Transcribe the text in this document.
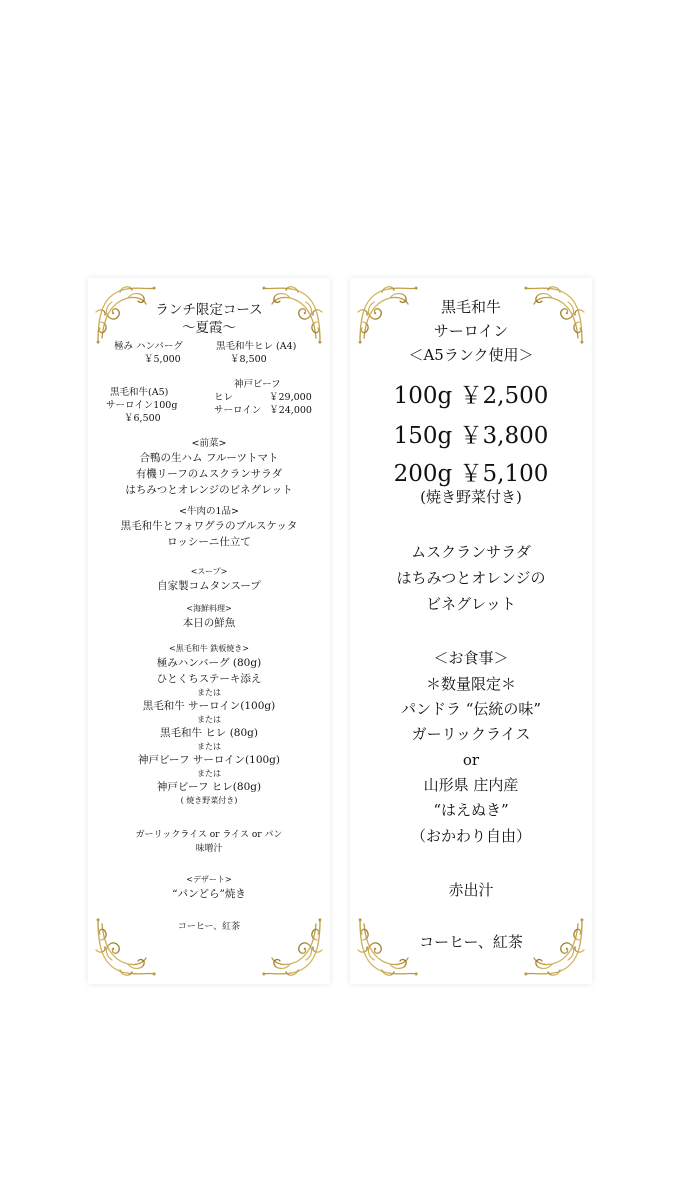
ランチ限定コース
〜夏霞〜
極み ハンバーグ
￥5,000
黒毛和牛ヒレ (A4)
￥8,500
黒毛和牛(A5)
サーロイン100g
￥6,500
神戸ビーフ
ヒレ	￥29,000
サーロイン ￥24,000
<前菜>
合鴨の生ハム フルーツトマト
有機リーフのムスクランサラダ
はちみつとオレンジのビネグレット
<牛肉の1品>
黒毛和牛とフォワグラのブルスケッタ
ロッシーニ仕立て
<スープ>
自家製コムタンスープ
<海鮮料理>
本日の鮮魚
<黒毛和牛 鉄板焼き>
極みハンバーグ (80g)
ひとくちステーキ添え
または
黒毛和牛 サーロイン(100g)
または
黒毛和牛 ヒレ (80g)
または
神戸ビーフ サーロイン(100g)
または
神戸ビーフ ヒレ(80g)
( 焼き野菜付き)
ガーリックライス or ライス or パン
味噌汁
<デザート>
“パンどら”焼き
コーヒー、紅茶
黒毛和牛
サーロイン
＜A5ランク使用＞
100g ￥2,500
150g ￥3,800
200g ￥5,100
(焼き野菜付き)
ムスクランサラダ
はちみつとオレンジの
ビネグレット
＜お食事＞
＊数量限定＊
パンドラ “伝統の味”
ガーリックライス
or
山形県 庄内産
“はえぬき”
（おかわり自由）
赤出汁
コーヒー、紅茶
